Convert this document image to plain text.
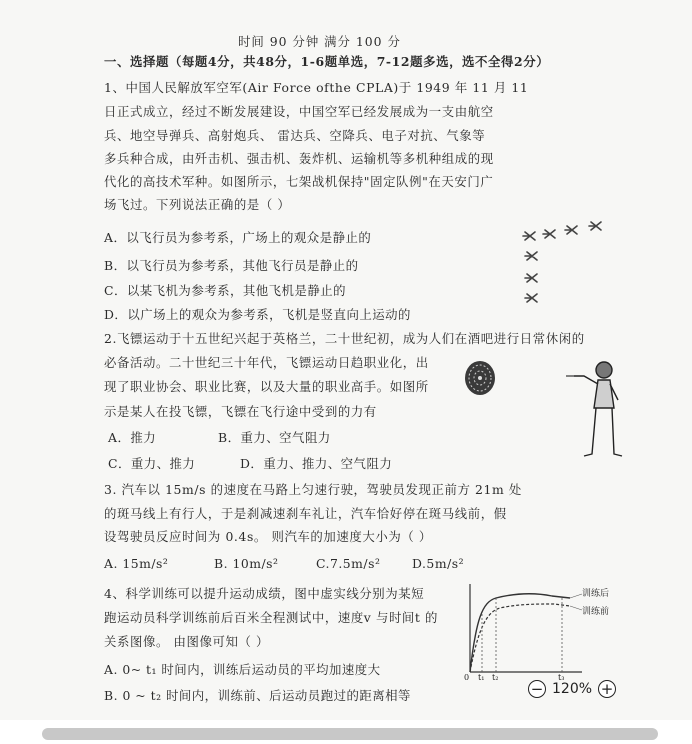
时间 90 分钟 满分 100 分
一、选择题（每题4分，共48分，1-6题单选，7-12题多选，选不全得2分）
1、中国人民解放军空军(Air Force ofthe CPLA)于 1949 年 11 月 11
日正式成立，经过不断发展建设，中国空军已经发展成为一支由航空
兵、地空导弹兵、高射炮兵、 雷达兵、空降兵、电子对抗、气象等
多兵种合成，由歼击机、强击机、轰炸机、运输机等多机种组成的现
代化的高技术军种。如图所示，七架战机保持"固定队例"在天安门广
场飞过。下列说法正确的是（ ）
A．以飞行员为参考系，广场上的观众是静止的
B．以飞行员为参考系，其他飞行员是静止的
C．以某飞机为参考系，其他飞机是静止的
D．以广场上的观众为参考系，飞机是竖直向上运动的
2.飞镖运动于十五世纪兴起于英格兰，二十世纪初，成为人们在酒吧进行日常休闲的
必备活动。二十世纪三十年代，飞镖运动日趋职业化，出
现了职业协会、职业比赛，以及大量的职业高手。如图所
示是某人在投飞镖，飞镖在飞行途中受到的力有
A．推力	B．重力、空气阻力
C．重力、推力	D．重力、推力、空气阻力
3. 汽车以 15m/s 的速度在马路上匀速行驶，驾驶员发现正前方 21m 处
的斑马线上有行人，于是刹减速刹车礼让，汽车恰好停在斑马线前，假
设驾驶员反应时间为 0.4s。 则汽车的加速度大小为（ ）
A. 15m/s²	B. 10m/s²	C.7.5m/s²	D.5m/s²
4、科学训练可以提升运动成绩，图中虚实线分别为某短
跑运动员科学训练前后百米全程测试中，速度v 与时间t 的
关系图像。 由图像可知（ ）
A. 0~ t₁ 时间内，训练后运动员的平均加速度大
B. 0 ~ t₂ 时间内，训练前、后运动员跑过的距离相等
0 t₁ t₂	t₃
训练后
训练前
− 120% +
